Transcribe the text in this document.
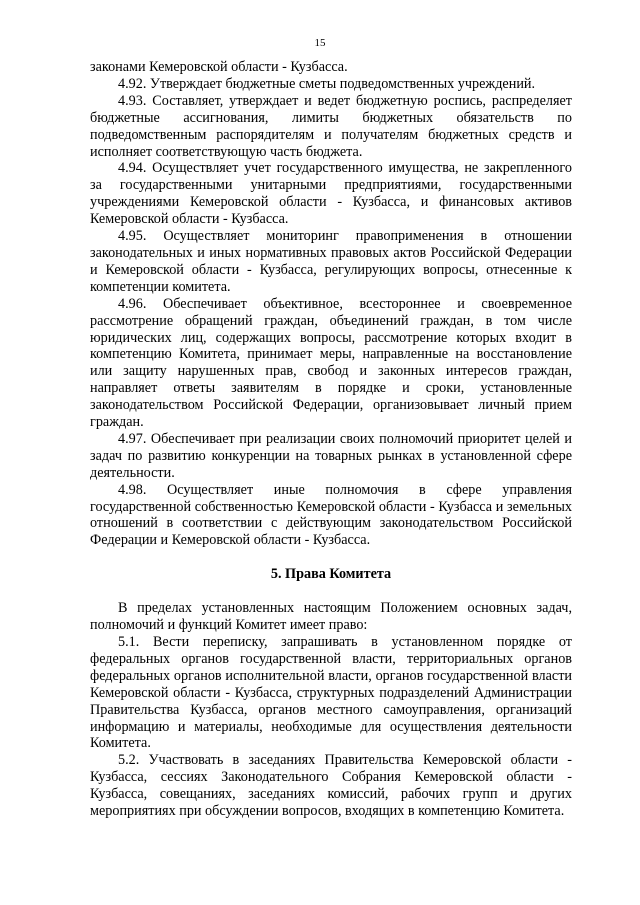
15

законами Кемеровской области - Кузбасса.

4.92. Утверждает бюджетные сметы подведомственных учреждений.

4.93. Составляет, утверждает и ведет бюджетную роспись, распределяет бюджетные ассигнования, лимиты бюджетных обязательств по подведомственным распорядителям и получателям бюджетных средств и исполняет соответствующую часть бюджета.

4.94. Осуществляет учет государственного имущества, не закрепленного за государственными унитарными предприятиями, государственными учреждениями Кемеровской области - Кузбасса, и финансовых активов Кемеровской области - Кузбасса.

4.95. Осуществляет мониторинг правоприменения в отношении законодательных и иных нормативных правовых актов Российской Федерации и Кемеровской области - Кузбасса, регулирующих вопросы, отнесенные к компетенции комитета.

4.96. Обеспечивает объективное, всестороннее и своевременное рассмотрение обращений граждан, объединений граждан, в том числе юридических лиц, содержащих вопросы, рассмотрение которых входит в компетенцию Комитета, принимает меры, направленные на восстановление или защиту нарушенных прав, свобод и законных интересов граждан, направляет ответы заявителям в порядке и сроки, установленные законодательством Российской Федерации, организовывает личный прием граждан.

4.97. Обеспечивает при реализации своих полномочий приоритет целей и задач по развитию конкуренции на товарных рынках в установленной сфере деятельности.

4.98. Осуществляет иные полномочия в сфере управления государственной собственностью Кемеровской области - Кузбасса и земельных отношений в соответствии с действующим законодательством Российской Федерации и Кемеровской области - Кузбасса.

5. Права Комитета

В пределах установленных настоящим Положением основных задач, полномочий и функций Комитет имеет право:

5.1. Вести переписку, запрашивать в установленном порядке от федеральных органов государственной власти, территориальных органов федеральных органов исполнительной власти, органов государственной власти Кемеровской области - Кузбасса, структурных подразделений Администрации Правительства Кузбасса, органов местного самоуправления, организаций информацию и материалы, необходимые для осуществления деятельности Комитета.

5.2. Участвовать в заседаниях Правительства Кемеровской области - Кузбасса, сессиях Законодательного Собрания Кемеровской области - Кузбасса, совещаниях, заседаниях комиссий, рабочих групп и других мероприятиях при обсуждении вопросов, входящих в компетенцию Комитета.
